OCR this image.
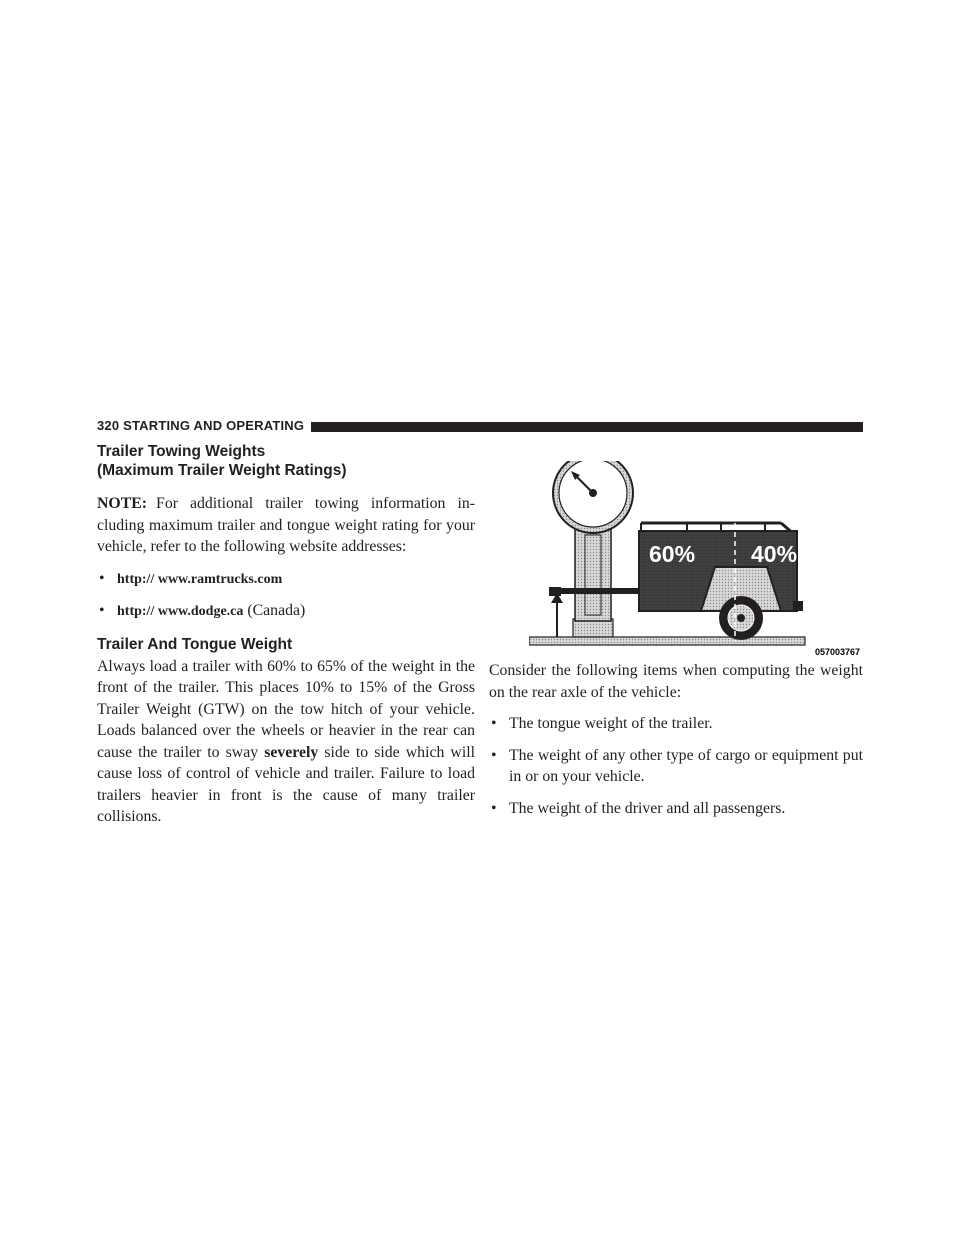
320 STARTING AND OPERATING
Trailer Towing Weights
(Maximum Trailer Weight Ratings)

NOTE: For additional trailer towing information including maximum trailer and tongue weight rating for your vehicle, refer to the following website addresses:

• http:// www.ramtrucks.com
• http:// www.dodge.ca (Canada)
Trailer And Tongue Weight

Always load a trailer with 60% to 65% of the weight in the front of the trailer. This places 10% to 15% of the Gross Trailer Weight (GTW) on the tow hitch of your vehicle. Loads balanced over the wheels or heavier in the rear can cause the trailer to sway severely side to side which will cause loss of control of vehicle and trailer. Failure to load trailers heavier in front is the cause of many trailer collisions.

60% 40%
057003767

Consider the following items when computing the weight on the rear axle of the vehicle:

• The tongue weight of the trailer.
• The weight of any other type of cargo or equipment put in or on your vehicle.
• The weight of the driver and all passengers.
